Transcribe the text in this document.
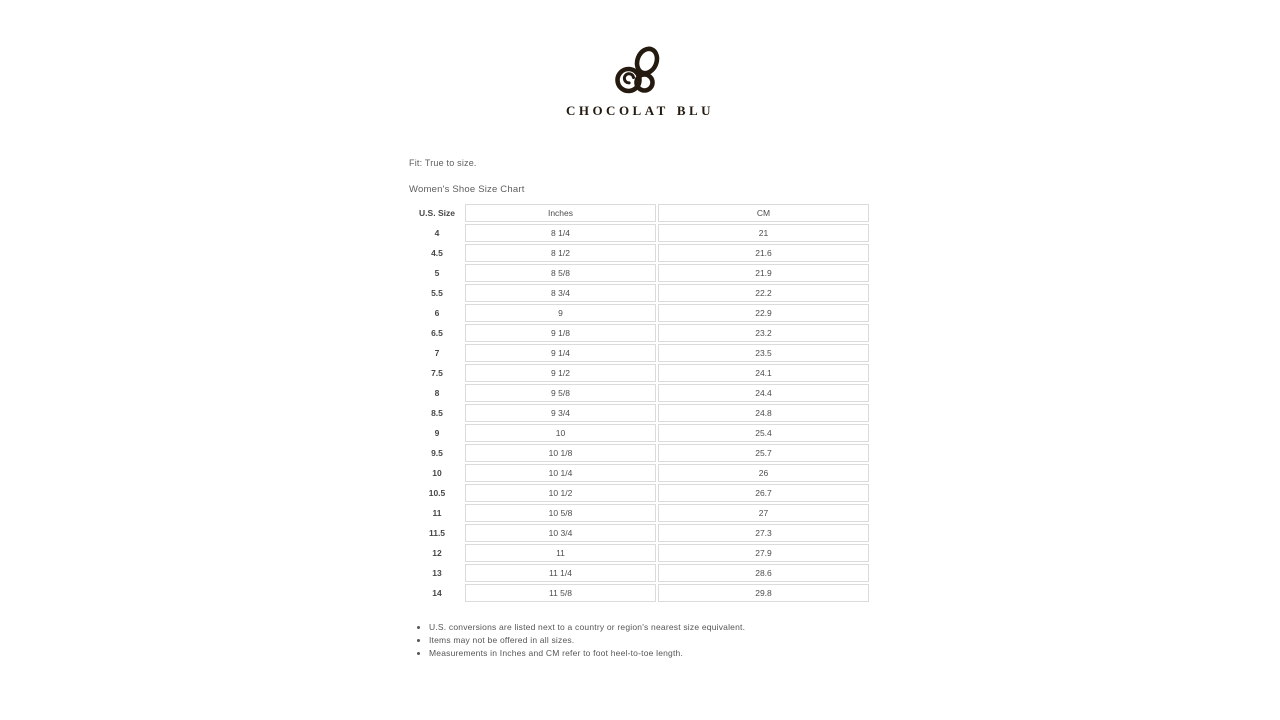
chocolat blu
Fit: True to size.
Women's Shoe Size Chart
U.S. Size	Inches	CM
4	8 1/4	21
4.5	8 1/2	21.6
5	8 5/8	21.9
5.5	8 3/4	22.2
6	9	22.9
6.5	9 1/8	23.2
7	9 1/4	23.5
7.5	9 1/2	24.1
8	9 5/8	24.4
8.5	9 3/4	24.8
9	10	25.4
9.5	10 1/8	25.7
10	10 1/4	26
10.5	10 1/2	26.7
11	10 5/8	27
11.5	10 3/4	27.3
12	11	27.9
13	11 1/4	28.6
14	11 5/8	29.8
• U.S. conversions are listed next to a country or region's nearest size equivalent.
• Items may not be offered in all sizes.
• Measurements in Inches and CM refer to foot heel-to-toe length.
